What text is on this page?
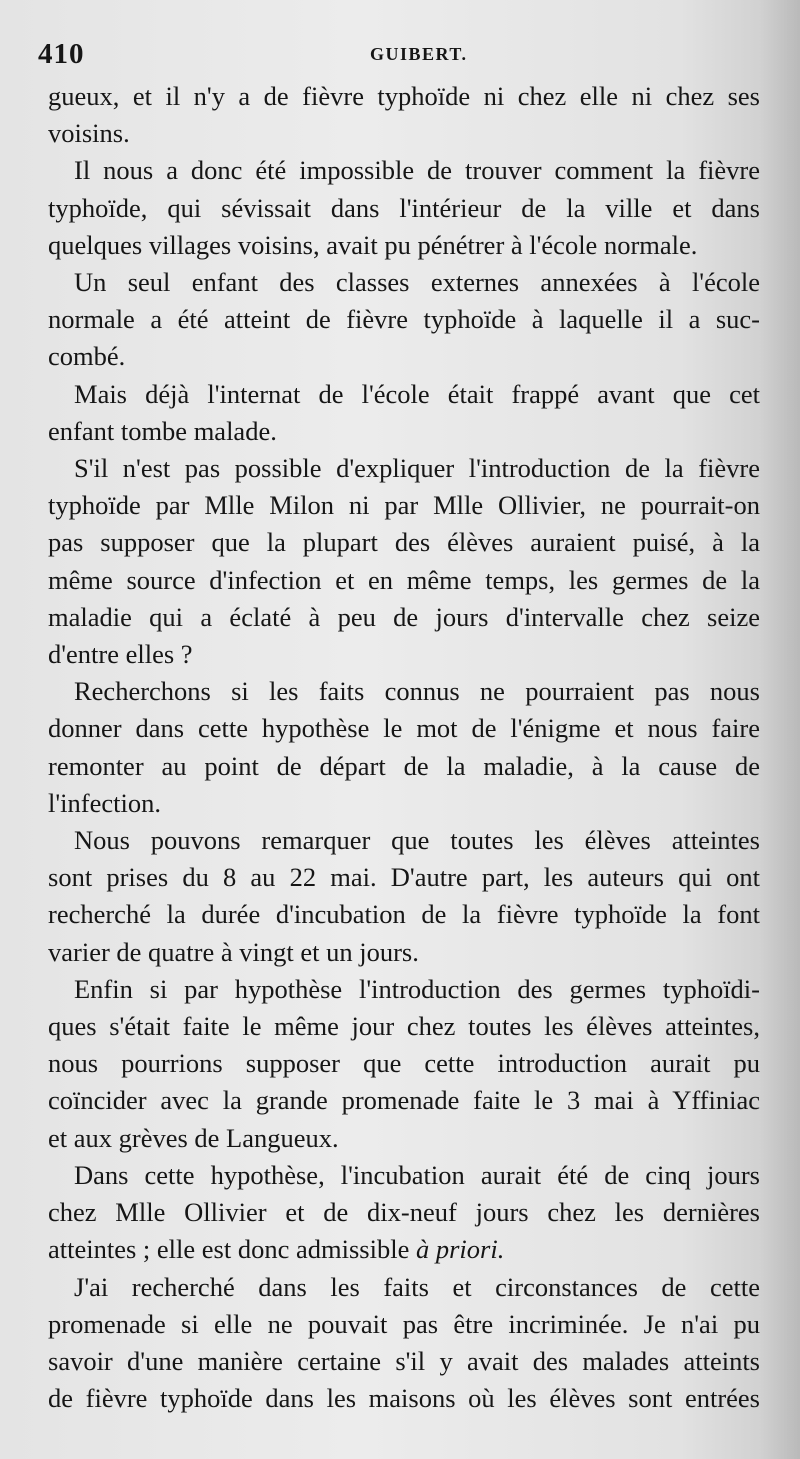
410	GUIBERT.
gueux, et il n'y a de fièvre typhoïde ni chez elle ni chez ses
voisins.
Il nous a donc été impossible de trouver comment la fièvre
typhoïde, qui sévissait dans l'intérieur de la ville et dans
quelques villages voisins, avait pu pénétrer à l'école normale.
Un seul enfant des classes externes annexées à l'école
normale a été atteint de fièvre typhoïde à laquelle il a suc-
combé.
Mais déjà l'internat de l'école était frappé avant que cet
enfant tombe malade.
S'il n'est pas possible d'expliquer l'introduction de la fièvre
typhoïde par Mlle Milon ni par Mlle Ollivier, ne pourrait-on
pas supposer que la plupart des élèves auraient puisé, à la
même source d'infection et en même temps, les germes de la
maladie qui a éclaté à peu de jours d'intervalle chez seize
d'entre elles ?
Recherchons si les faits connus ne pourraient pas nous
donner dans cette hypothèse le mot de l'énigme et nous faire
remonter au point de départ de la maladie, à la cause de
l'infection.
Nous pouvons remarquer que toutes les élèves atteintes
sont prises du 8 au 22 mai. D'autre part, les auteurs qui ont
recherché la durée d'incubation de la fièvre typhoïde la font
varier de quatre à vingt et un jours.
Enfin si par hypothèse l'introduction des germes typhoïdi-
ques s'était faite le même jour chez toutes les élèves atteintes,
nous pourrions supposer que cette introduction aurait pu
coïncider avec la grande promenade faite le 3 mai à Yffiniac
et aux grèves de Langueux.
Dans cette hypothèse, l'incubation aurait été de cinq jours
chez Mlle Ollivier et de dix-neuf jours chez les dernières
atteintes ; elle est donc admissible à priori.
J'ai recherché dans les faits et circonstances de cette
promenade si elle ne pouvait pas être incriminée. Je n'ai pu
savoir d'une manière certaine s'il y avait des malades atteints
de fièvre typhoïde dans les maisons où les élèves sont entrées
